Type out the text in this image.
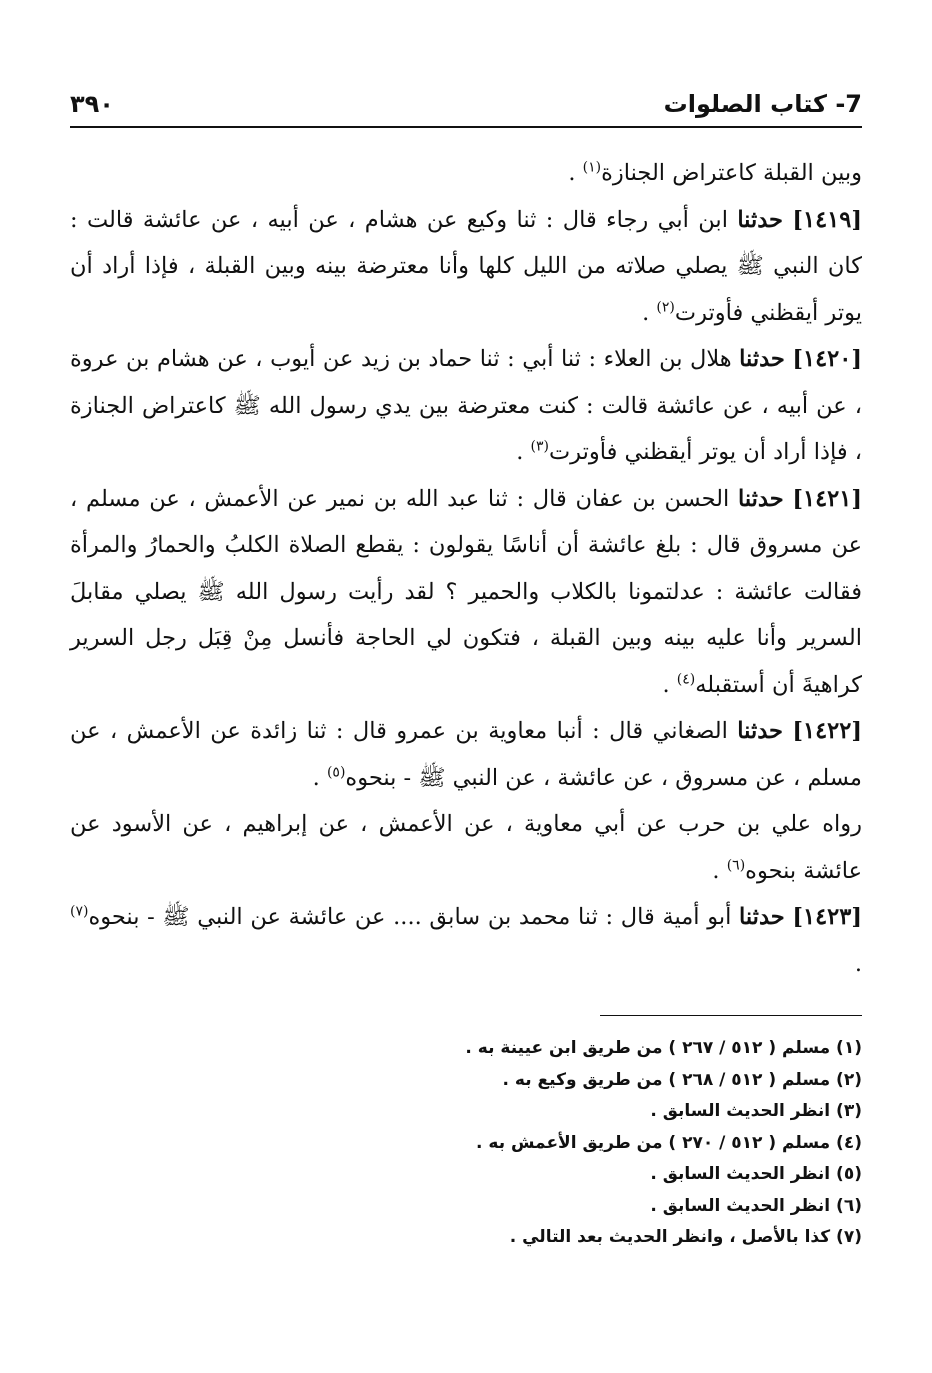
7- كتاب الصلوات
٣٩٠

وبين القبلة كاعتراض الجنازة$^{(١)}$ .

[١٤١٩] حدثنا ابن أبي رجاء قال : ثنا وكيع عن هشام ، عن أبيه ، عن عائشة قالت : كان النبي ﷺ يصلي صلاته من الليل كلها وأنا معترضة بينه وبين القبلة ، فإذا أراد أن يوتر أيقظني فأوترت$^{(٢)}$ .

[١٤٢٠] حدثنا هلال بن العلاء : ثنا أبي : ثنا حماد بن زيد عن أيوب ، عن هشام بن عروة ، عن أبيه ، عن عائشة قالت : كنت معترضة بين يدي رسول الله ﷺ كاعتراض الجنازة ، فإذا أراد أن يوتر أيقظني فأوترت$^{(٣)}$ .

[١٤٢١] حدثنا الحسن بن عفان قال : ثنا عبد الله بن نمير عن الأعمش ، عن مسلم ، عن مسروق قال : بلغ عائشة أن أناسًا يقولون : يقطع الصلاة الكلبُ والحمارُ والمرأة فقالت عائشة : عدلتمونا بالكلاب والحمير ؟ لقد رأيت رسول الله ﷺ يصلي مقابلَ السرير وأنا عليه بينه وبين القبلة ، فتكون لي الحاجة فأنسل مِنْ قِبَل رجل السرير كراهيةَ أن أستقبله$^{(٤)}$ .

[١٤٢٢] حدثنا الصغاني قال : أنبا معاوية بن عمرو قال : ثنا زائدة عن الأعمش ، عن مسلم ، عن مسروق ، عن عائشة ، عن النبي ﷺ - بنحوه$^{(٥)}$ .

رواه علي بن حرب عن أبي معاوية ، عن الأعمش ، عن إبراهيم ، عن الأسود عن عائشة بنحوه$^{(٦)}$ .

[١٤٢٣] حدثنا أبو أمية قال : ثنا محمد بن سابق .... عن عائشة عن النبي ﷺ - بنحوه$^{(٧)}$ .

(١) مسلم ( ٥١٢ / ٢٦٧ ) من طريق ابن عيينة به .

(٢) مسلم ( ٥١٢ / ٢٦٨ ) من طريق وكيع به .

(٣) انظر الحديث السابق .

(٤) مسلم ( ٥١٢ / ٢٧٠ ) من طريق الأعمش به .

(٥) انظر الحديث السابق .

(٦) انظر الحديث السابق .

(٧) كذا بالأصل ، وانظر الحديث بعد التالي .
